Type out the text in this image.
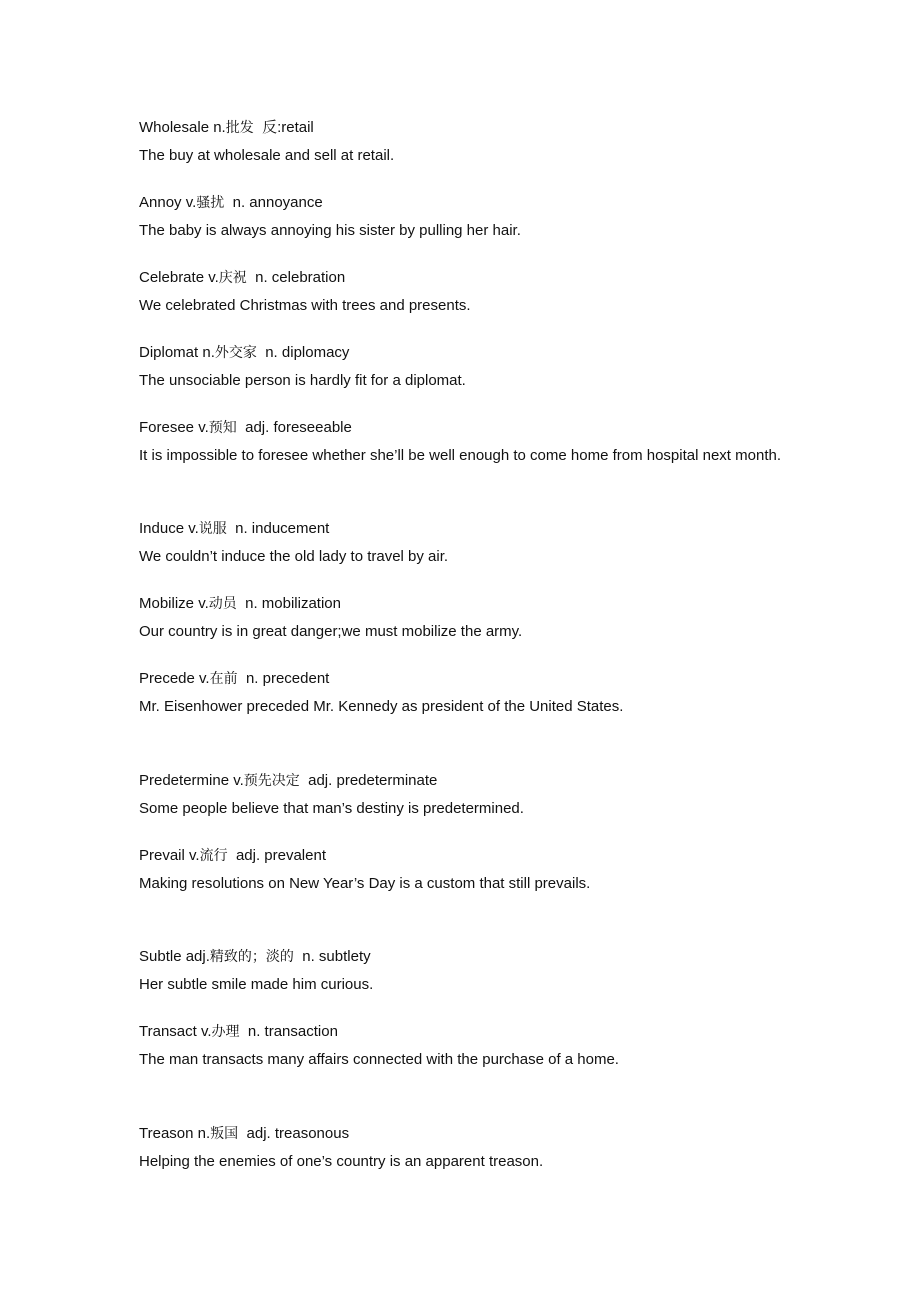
Wholesale n.批发 反:retail
The buy at wholesale and sell at retail.
Annoy v.骚扰 n. annoyance
The baby is always annoying his sister by pulling her hair.
Celebrate v.庆祝 n. celebration
We celebrated Christmas with trees and presents.
Diplomat n.外交家 n. diplomacy
The unsociable person is hardly fit for a diplomat.
Foresee v.预知 adj. foreseeable
It is impossible to foresee whether she’ll be well enough to come home from hospital next month.
Induce v.说服 n. inducement
We couldn’t induce the old lady to travel by air.
Mobilize v.动员 n. mobilization
Our country is in great danger;we must mobilize the army.
Precede v.在前 n. precedent
Mr. Eisenhower preceded Mr. Kennedy as president of the United States.
Predetermine v.预先决定 adj. predeterminate
Some people believe that man’s destiny is predetermined.
Prevail v.流行 adj. prevalent
Making resolutions on New Year’s Day is a custom that still prevails.
Subtle adj.精致的；淡的 n. subtlety
Her subtle smile made him curious.
Transact v.办理 n. transaction
The man transacts many affairs connected with the purchase of a home.
Treason n.叛国 adj. treasonous
Helping the enemies of one’s country is an apparent treason.
